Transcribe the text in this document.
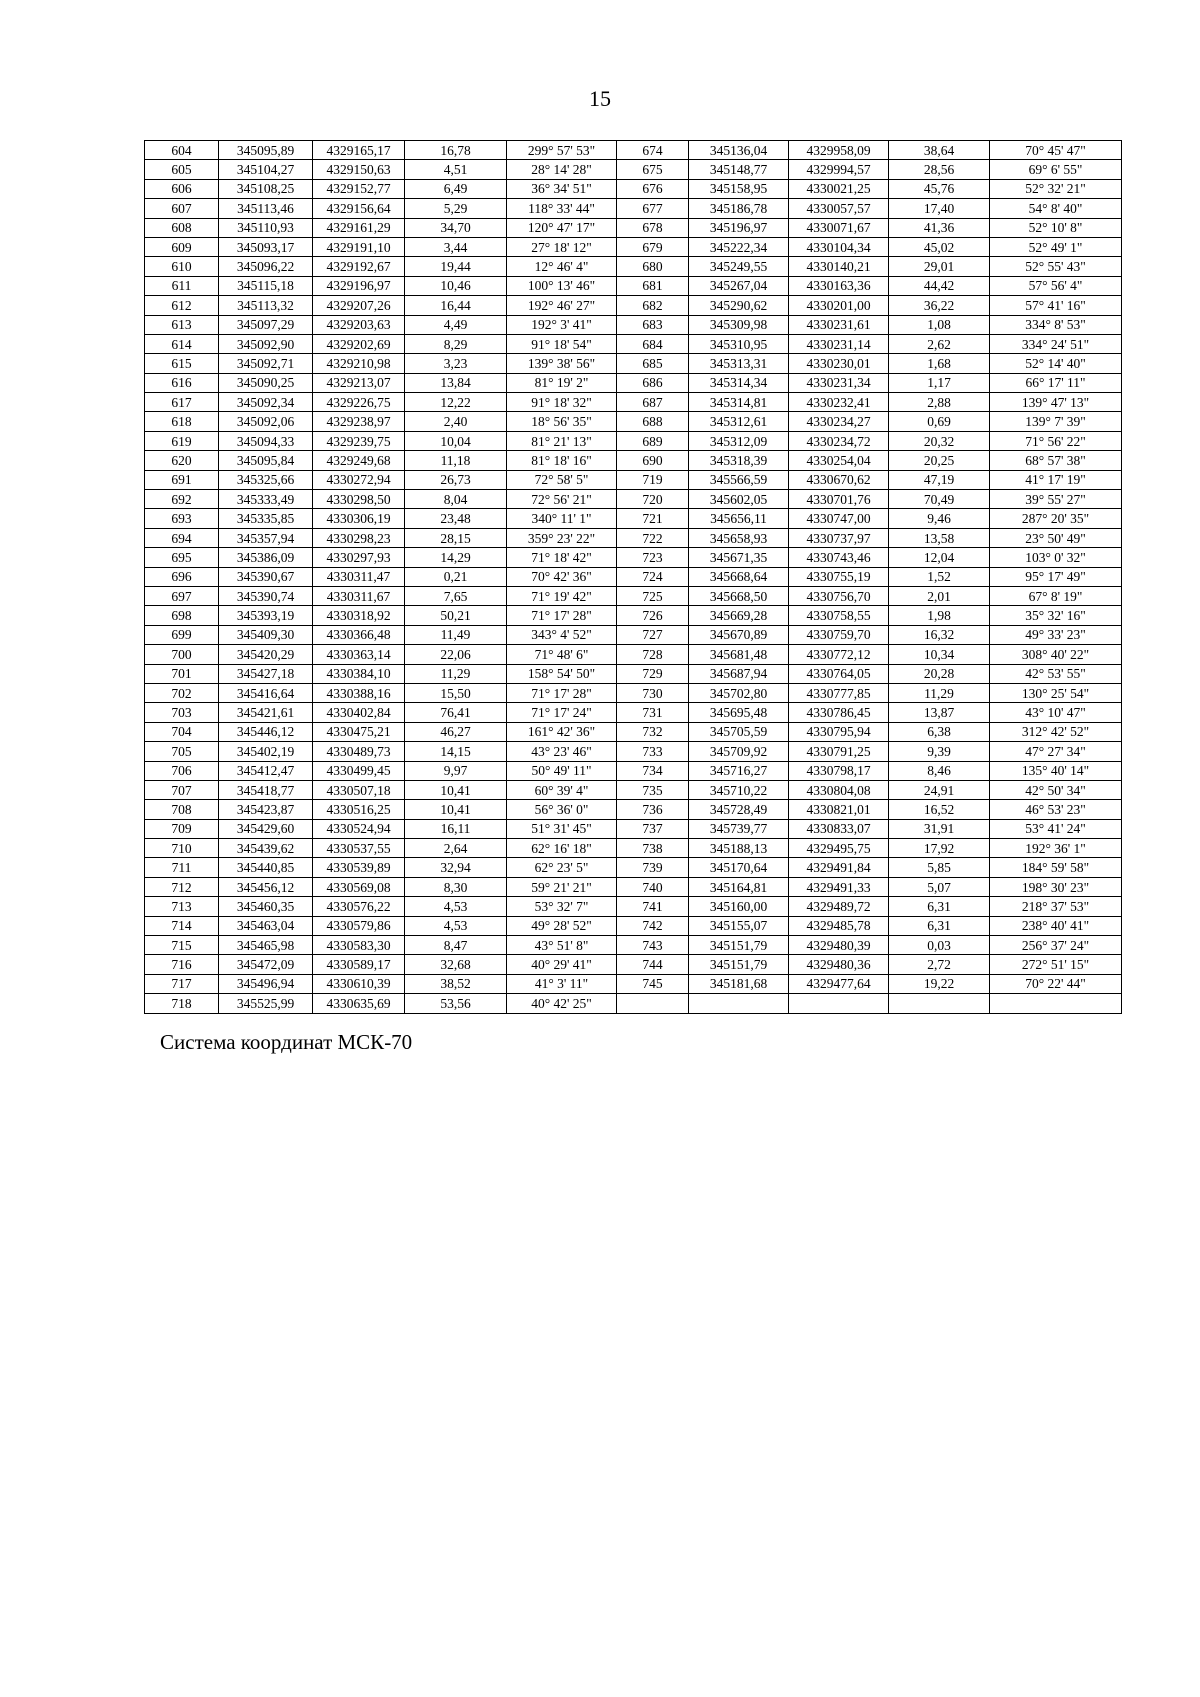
15
604	345095,89	4329165,17	16,78	299° 57' 53"	674	345136,04	4329958,09	38,64	70° 45' 47"
605	345104,27	4329150,63	4,51	28° 14' 28"	675	345148,77	4329994,57	28,56	69° 6' 55"
606	345108,25	4329152,77	6,49	36° 34' 51"	676	345158,95	4330021,25	45,76	52° 32' 21"
607	345113,46	4329156,64	5,29	118° 33' 44"	677	345186,78	4330057,57	17,40	54° 8' 40"
608	345110,93	4329161,29	34,70	120° 47' 17"	678	345196,97	4330071,67	41,36	52° 10' 8"
609	345093,17	4329191,10	3,44	27° 18' 12"	679	345222,34	4330104,34	45,02	52° 49' 1"
610	345096,22	4329192,67	19,44	12° 46' 4"	680	345249,55	4330140,21	29,01	52° 55' 43"
611	345115,18	4329196,97	10,46	100° 13' 46"	681	345267,04	4330163,36	44,42	57° 56' 4"
612	345113,32	4329207,26	16,44	192° 46' 27"	682	345290,62	4330201,00	36,22	57° 41' 16"
613	345097,29	4329203,63	4,49	192° 3' 41"	683	345309,98	4330231,61	1,08	334° 8' 53"
614	345092,90	4329202,69	8,29	91° 18' 54"	684	345310,95	4330231,14	2,62	334° 24' 51"
615	345092,71	4329210,98	3,23	139° 38' 56"	685	345313,31	4330230,01	1,68	52° 14' 40"
616	345090,25	4329213,07	13,84	81° 19' 2"	686	345314,34	4330231,34	1,17	66° 17' 11"
617	345092,34	4329226,75	12,22	91° 18' 32"	687	345314,81	4330232,41	2,88	139° 47' 13"
618	345092,06	4329238,97	2,40	18° 56' 35"	688	345312,61	4330234,27	0,69	139° 7' 39"
619	345094,33	4329239,75	10,04	81° 21' 13"	689	345312,09	4330234,72	20,32	71° 56' 22"
620	345095,84	4329249,68	11,18	81° 18' 16"	690	345318,39	4330254,04	20,25	68° 57' 38"
691	345325,66	4330272,94	26,73	72° 58' 5"	719	345566,59	4330670,62	47,19	41° 17' 19"
692	345333,49	4330298,50	8,04	72° 56' 21"	720	345602,05	4330701,76	70,49	39° 55' 27"
693	345335,85	4330306,19	23,48	340° 11' 1"	721	345656,11	4330747,00	9,46	287° 20' 35"
694	345357,94	4330298,23	28,15	359° 23' 22"	722	345658,93	4330737,97	13,58	23° 50' 49"
695	345386,09	4330297,93	14,29	71° 18' 42"	723	345671,35	4330743,46	12,04	103° 0' 32"
696	345390,67	4330311,47	0,21	70° 42' 36"	724	345668,64	4330755,19	1,52	95° 17' 49"
697	345390,74	4330311,67	7,65	71° 19' 42"	725	345668,50	4330756,70	2,01	67° 8' 19"
698	345393,19	4330318,92	50,21	71° 17' 28"	726	345669,28	4330758,55	1,98	35° 32' 16"
699	345409,30	4330366,48	11,49	343° 4' 52"	727	345670,89	4330759,70	16,32	49° 33' 23"
700	345420,29	4330363,14	22,06	71° 48' 6"	728	345681,48	4330772,12	10,34	308° 40' 22"
701	345427,18	4330384,10	11,29	158° 54' 50"	729	345687,94	4330764,05	20,28	42° 53' 55"
702	345416,64	4330388,16	15,50	71° 17' 28"	730	345702,80	4330777,85	11,29	130° 25' 54"
703	345421,61	4330402,84	76,41	71° 17' 24"	731	345695,48	4330786,45	13,87	43° 10' 47"
704	345446,12	4330475,21	46,27	161° 42' 36"	732	345705,59	4330795,94	6,38	312° 42' 52"
705	345402,19	4330489,73	14,15	43° 23' 46"	733	345709,92	4330791,25	9,39	47° 27' 34"
706	345412,47	4330499,45	9,97	50° 49' 11"	734	345716,27	4330798,17	8,46	135° 40' 14"
707	345418,77	4330507,18	10,41	60° 39' 4"	735	345710,22	4330804,08	24,91	42° 50' 34"
708	345423,87	4330516,25	10,41	56° 36' 0"	736	345728,49	4330821,01	16,52	46° 53' 23"
709	345429,60	4330524,94	16,11	51° 31' 45"	737	345739,77	4330833,07	31,91	53° 41' 24"
710	345439,62	4330537,55	2,64	62° 16' 18"	738	345188,13	4329495,75	17,92	192° 36' 1"
711	345440,85	4330539,89	32,94	62° 23' 5"	739	345170,64	4329491,84	5,85	184° 59' 58"
712	345456,12	4330569,08	8,30	59° 21' 21"	740	345164,81	4329491,33	5,07	198° 30' 23"
713	345460,35	4330576,22	4,53	53° 32' 7"	741	345160,00	4329489,72	6,31	218° 37' 53"
714	345463,04	4330579,86	4,53	49° 28' 52"	742	345155,07	4329485,78	6,31	238° 40' 41"
715	345465,98	4330583,30	8,47	43° 51' 8"	743	345151,79	4329480,39	0,03	256° 37' 24"
716	345472,09	4330589,17	32,68	40° 29' 41"	744	345151,79	4329480,36	2,72	272° 51' 15"
717	345496,94	4330610,39	38,52	41° 3' 11"	745	345181,68	4329477,64	19,22	70° 22' 44"
718	345525,99	4330635,69	53,56	40° 42' 25"					
Система координат МСК-70
